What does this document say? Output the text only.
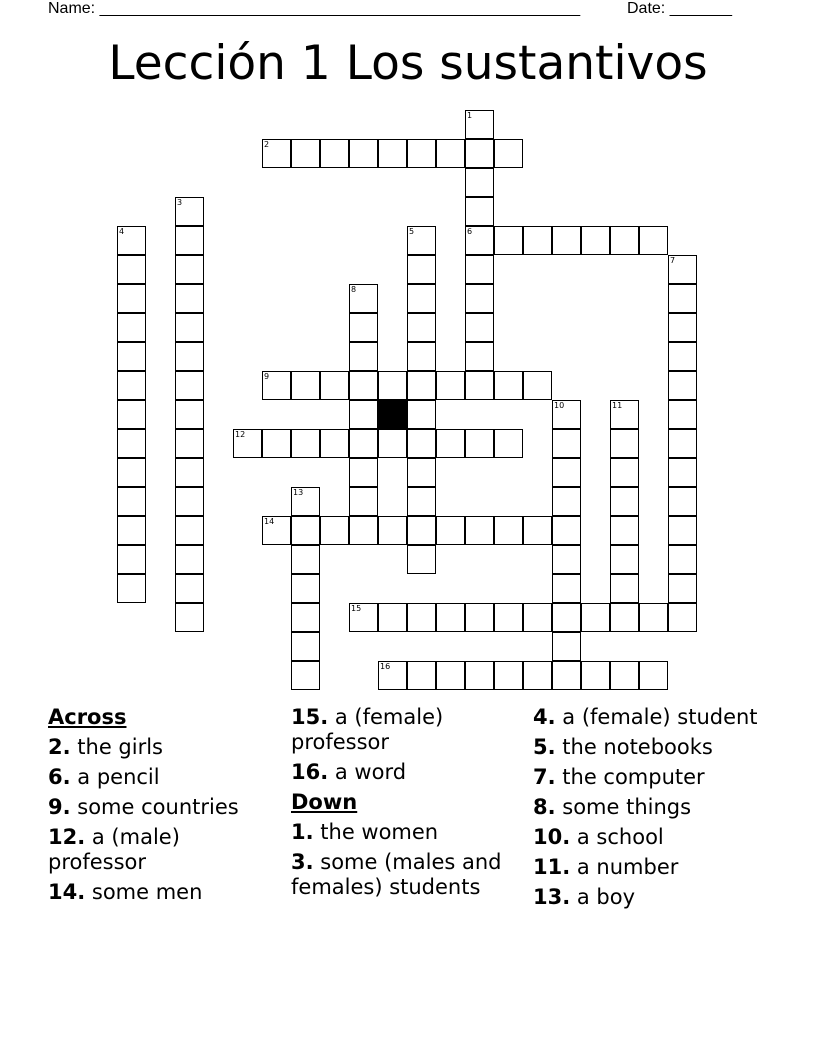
Name: ______________________________________________________	Date: _______
Lección 1 Los sustantivos
1
6
2
3
4	5
7
8
9
10	11
12
13
14
15
16
Across
2. the girls
6. a pencil
9. some countries
12. a (male) professor
14. some men
15. a (female) professor
16. a word
Down
1. the women
3. some (males and females) students
4. a (female) student
5. the notebooks
7. the computer
8. some things
10. a school
11. a number
13. a boy
